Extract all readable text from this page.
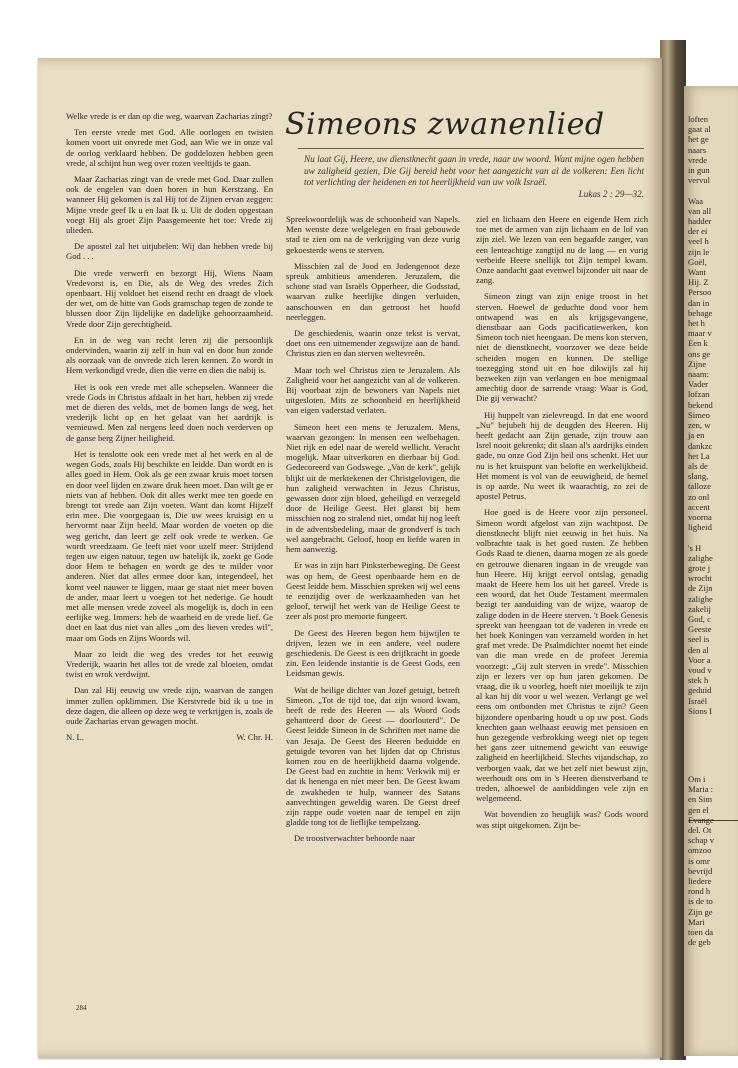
Welke vrede is er dan op die weg, waarvan Zacharias zingt?

Ten eerste vrede met God. Alle oorlogen en twisten komen voort uit onvrede met God, aan Wie we in onze val de oorlog verklaard hebben. De goddelozen hebben geen vrede, al schijnt hun weg over rozen veeltijds te gaan.

Maar Zacharias zingt van de vrede met God. Daar zullen ook de engelen van doen horen in hun Kerstzang. En wanneer Hij gekomen is zal Hij tot de Zijnen ervan zeggen: Mijne vrede geef Ik u en laat Ik u. Uit de doden opgestaan voegt Hij als groet Zijn Paasgemeente het toe: Vrede zij ulieden.

De apostel zal het uitjubelen: Wij dan hebben vrede bij God . . .

Die vrede verwerft en bezorgt Hij, Wiens Naam Vredevorst is, en Die, als de Weg des vredes Zich openbaart. Hij voldoet het eisend recht en draagt de vloek der wet, om de hitte van Gods gramschap tegen de zonde te blussen door Zijn lijdelijke en dadelijke gehoorzaamheid. Vrede door Zijn gerechtigheid.

En in de weg van recht leren zij die persoonlijk ondervinden, waarin zij zelf in hun val en door hun zonde als oorzaak van de onvrede zich leren kennen. Zo wordt in Hem verkondigd vrede, dien die verre en dien die nabij is.

Het is ook een vrede met alle schepselen. Wanneer die vrede Gods in Christus afdaalt in het hart, hebben zij vrede met de dieren des velds, met de bomen langs de weg, het vrederijk licht op en het gelaat van het aardrijk is vernieuwd. Men zal nergens leed doen noch verderven op de ganse berg Zijner heiligheid.

Het is tenslotte ook een vrede met al het werk en al de wegen Gods, zoals Hij beschikte en leidde. Dan wordt en is alles goed in Hem. Ook als ge een zwaar kruis moet torsen en door veel lijden en zware druk heen moet. Dan wilt ge er niets van af hebben. Ook dit alles werkt mee ten goede en brengt tot vrede aan Zijn voeten. Want dan komt Hijzelf erin mee. Die voorgegaan is, Die uw wees kruisigt en u hervormt naar Zijn beeld. Maar worden de voeten op die weg gericht, dan leert ge zelf ook vrede te werken. Ge wordt vreedzaam. Ge leeft niet voor uzelf meer. Strijdend tegen uw eigen natuur, tegen uw hatelijk ik, zoekt ge Gode door Hem te behagen en wordt ge des te milder voor anderen. Niet dat alles ermee door kan, integendeel, het komt veel nauwer te liggen, maar ge staat niet meer boven de ander, maar leert u voegen tot het nederige. Ge houdt met alle mensen vrede zoveel als mogelijk is, doch in een eerlijke weg. Immers: heb de waarheid en de vrede lief. Ge doet en laat dus niet van alles „om des lieven vredes wil", maar om Gods en Zijns Woords wil.

Maar zo leidt die weg des vredes tot het eeuwig Vrederijk, waarin het alles tot de vrede zal bloeien, omdat twist en wrok verdwijnt.

Dan zal Hij eeuwig uw vrede zijn, waarvan de zangen immer zullen opklimmen. Die Kerstvrede bid ik u toe in deze dagen, die alleen op deze weg te verkrijgen is, zoals de oude Zacharias ervan gewagen mocht.

N. L.	W. Chr. H.
Simeons zwanenlied
Nu laat Gij, Heere, uw dienstknecht gaan in vrede, naar uw woord. Want mijne ogen hebben uw zaligheid gezien, Die Gij bereid hebt voor het aangezicht van al de volkeren: Een licht tot verlichting der heidenen en tot heerlijkheid van uw volk Israël.
Lukas 2 : 29—32.

Spreekwoordelijk was de schoonheid van Napels. Men wenste deze welgelegen en fraai gebouwde stad te zien om na de verkrijging van deze vurig gekoesterde wens te sterven.

Misschien zal de Jood en Jodengenoot deze spreuk ambitieus amenderen. Jeruzalem, die schone stad van Israëls Opperheer, die Godsstad, waarvan zulke heerlijke dingen verluiden, aanschouwen en dan getroost het hoofd neerleggen.

De geschiedenis, waarin onze tekst is vervat, doet ons een uitnemender zegswijze aan de hand. Christus zien en dan sterven weltevreên.

Maar toch wel Christus zien te Jeruzalem. Als Zaligheid voor het aangezicht van al de volkeren. Bij voorbaat zijn de bewoners van Napels niet uitgesloten. Mits ze schoonheid en heerlijkheid van eigen vaderstad verlaten.

Simeon heet een mens te Jeruzalem. Mens, waarvan gezongen: In mensen een welbehagen. Niet rijk en edel naar de wereld wellicht. Veracht mogelijk. Maar uitverkoren en dierbaar bij God. Gedecoreerd van Godswege. „Van de kerk", gelijk blijkt uit de merktekenen der Christgelovigen, die hun zaligheid verwachten in Jezus Christus, gewassen door zijn bloed, geheiligd en verzegeld door de Heilige Geest. Het glanst bij hem misschien nog zo stralend niet, omdat hij nog leeft in de adventsbedeling, maar de grondverf is toch wel aangebracht. Geloof, hoop en liefde waren in hem aanwezig.

Er was in zijn hart Pinksterbeweging. De Geest was op hem, de Geest openbaarde hem en de Geest leidde hem. Misschien spreken wij wel eens te eenzijdig over de werkzaamheden van het geloof, terwijl het werk van de Heilige Geest te zeer als post pro memorie fungeert.

De Geest des Heeren begon hem bijwijlen te drijven, lezen we in een andere, veel oudere geschiedenis. De Geest is een drijfkracht in goede zin. Een leidende instantie is de Geest Gods, een Leidsman gewis.

Wat de heilige dichter van Jozef getuigt, betreft Simeon. „Tot de tijd toe, dat zijn woord kwam, heeft de rede des Heeren — als Woord Gods gehanteerd door de Geest — doorlouterd". De Geest leidde Simeon in de Schriften met name die van Jesaja. De Geest des Heeren beduidde en getuigde tevoren van het lijden dat op Christus komen zou en de heerlijkheid daarna volgende. De Geest bad en zuchtte in hem: Verkwik mij er dat ik henenga en niet meer ben. De Geest kwam de zwakheden te hulp, wanneer des Satans aanvechtingen geweldig waren. De Geest dreef zijn rappe oude voeten naar de tempel en zijn gladde tong tot de lieflijke tempelzang.

De troostverwachter behoorde naar

ziel en lichaam den Heere en eigende Hem zich toe met de armen van zijn lichaam en de lof van zijn ziel. We lezen van een begaafde zanger, van een lenteachtige zangtijd nu de lang — en vurig verbeide Heere snellijk tot Zijn tempel kwam. Onze aandacht gaat evenwel bijzonder uit naar de zang.

Simeon zingt van zijn enige troost in het sterven. Hoewel de geduchte dood voor hem ontwapend was en als krijgsgevangene, dienstbaar aan Gods pacificatiewerken, kon Simeon toch niet heengaan. De mens kon sterven, niet de dienstknecht, voorzover we deze beide scheiden mogen en kunnen. De stellige toezegging stond uit en hoe dikwijls zal hij bezweken zijn van verlangen en hoe menigmaal amechtig door de sarrende vraag: Waar is God, Die gij verwacht?

Hij huppelt van zielevreugd. In dat ene woord „Nu" bejubelt hij de deugden des Heeren. Hij heeft gedacht aan Zijn genade, zijn trouw aan Isrel nooit gekrenkt; dit slaan al's aardrijks einden gade, nu onze God Zijn heil ons schenkt. Het uur nu is het kruispunt van belofte en werkelijkheid. Het moment is vol van de eeuwigheid, de hemel is op aarde. Nu weet ik waarachtig, zo zei de apostel Petrus.

Hoe goed is de Heere voor zijn personeel. Simeon wordt afgelost van zijn wachtpost. De dienstknecht blijft niet eeuwig in het huis. Na volbrachte taak is het goed rusten. Ze hebben Gods Raad te dienen, daarna mogen ze als goede en getrouwe dienaren ingaan in de vreugde van hun Heere. Hij krijgt eervol ontslag, genadig maakt de Heere hem los uit het gareel. Vrede is een woord, dat het Oude Testament meermalen bezigt ter aanduiding van de wijze, waarop de zalige doden in de Heere sterven. 't Boek Genesis spreekt van heengaan tot de vaderen in vrede en het boek Koningen van verzameld worden in het graf met vrede. De Psalmdichter noemt het einde van die man vrede en de profeet Jeremia voorzegt: „Gij zult sterven in vrede". Misschien zijn er lezers ver op hun jaren gekomen. De vraag, die ik u voorleg, hoeft niet moeilijk te zijn al kan hij dit voor u wel wezen. Verlangt ge wel eens om ontbonden met Christus te zijn? Geen bijzondere openbaring houdt u op uw post. Gods knechten gaan welhaast eeuwig met pensioen en hun gezegende verbrokking weegt niet op tegen het gans zeer uitnemend gewicht van eeuwige zaligheid en heerlijkheid. Slechts vijandschap, zo verborgen vaak, dat we het zelf niet bewust zijn, weerhoudt ons om in 's Heeren dienstverband te treden, alhoewel de aanbiddingen vele zijn en welgemeend.

Wat bovendien zo heuglijk was? Gods woord was stipt uitgekomen. Zijn be-

284
loften
gaat al
het ge
naars
vrede
in gun
vervul

Waa
van all
hadder
der ei
veel h
zijn le
Goël,
Want
Hij. Z
Persoo
dan in
behage
het h
maar v
Een k
ons ge
Zijne
naam:
Vader
lofzan
bekend
Simeo
zen, w
ja en
dankzc
het La
als de
slang,
talloze
zo onl
accent
voorna
ligheid

's H
zalighe
grote j
wrocht
de Zijn
zalighe
zakelij
God, c
Geeste
seel is
den al
Voor a
voud v
stek h
geduid
Israël
Sions I
Om i
Maria :
en Sim
gen el
Evange
del. Ot
schap v
omzoo
is omr
bevrijd
liedere
rond h
is de to
Zijn ge
Mari
toen da
de geb
